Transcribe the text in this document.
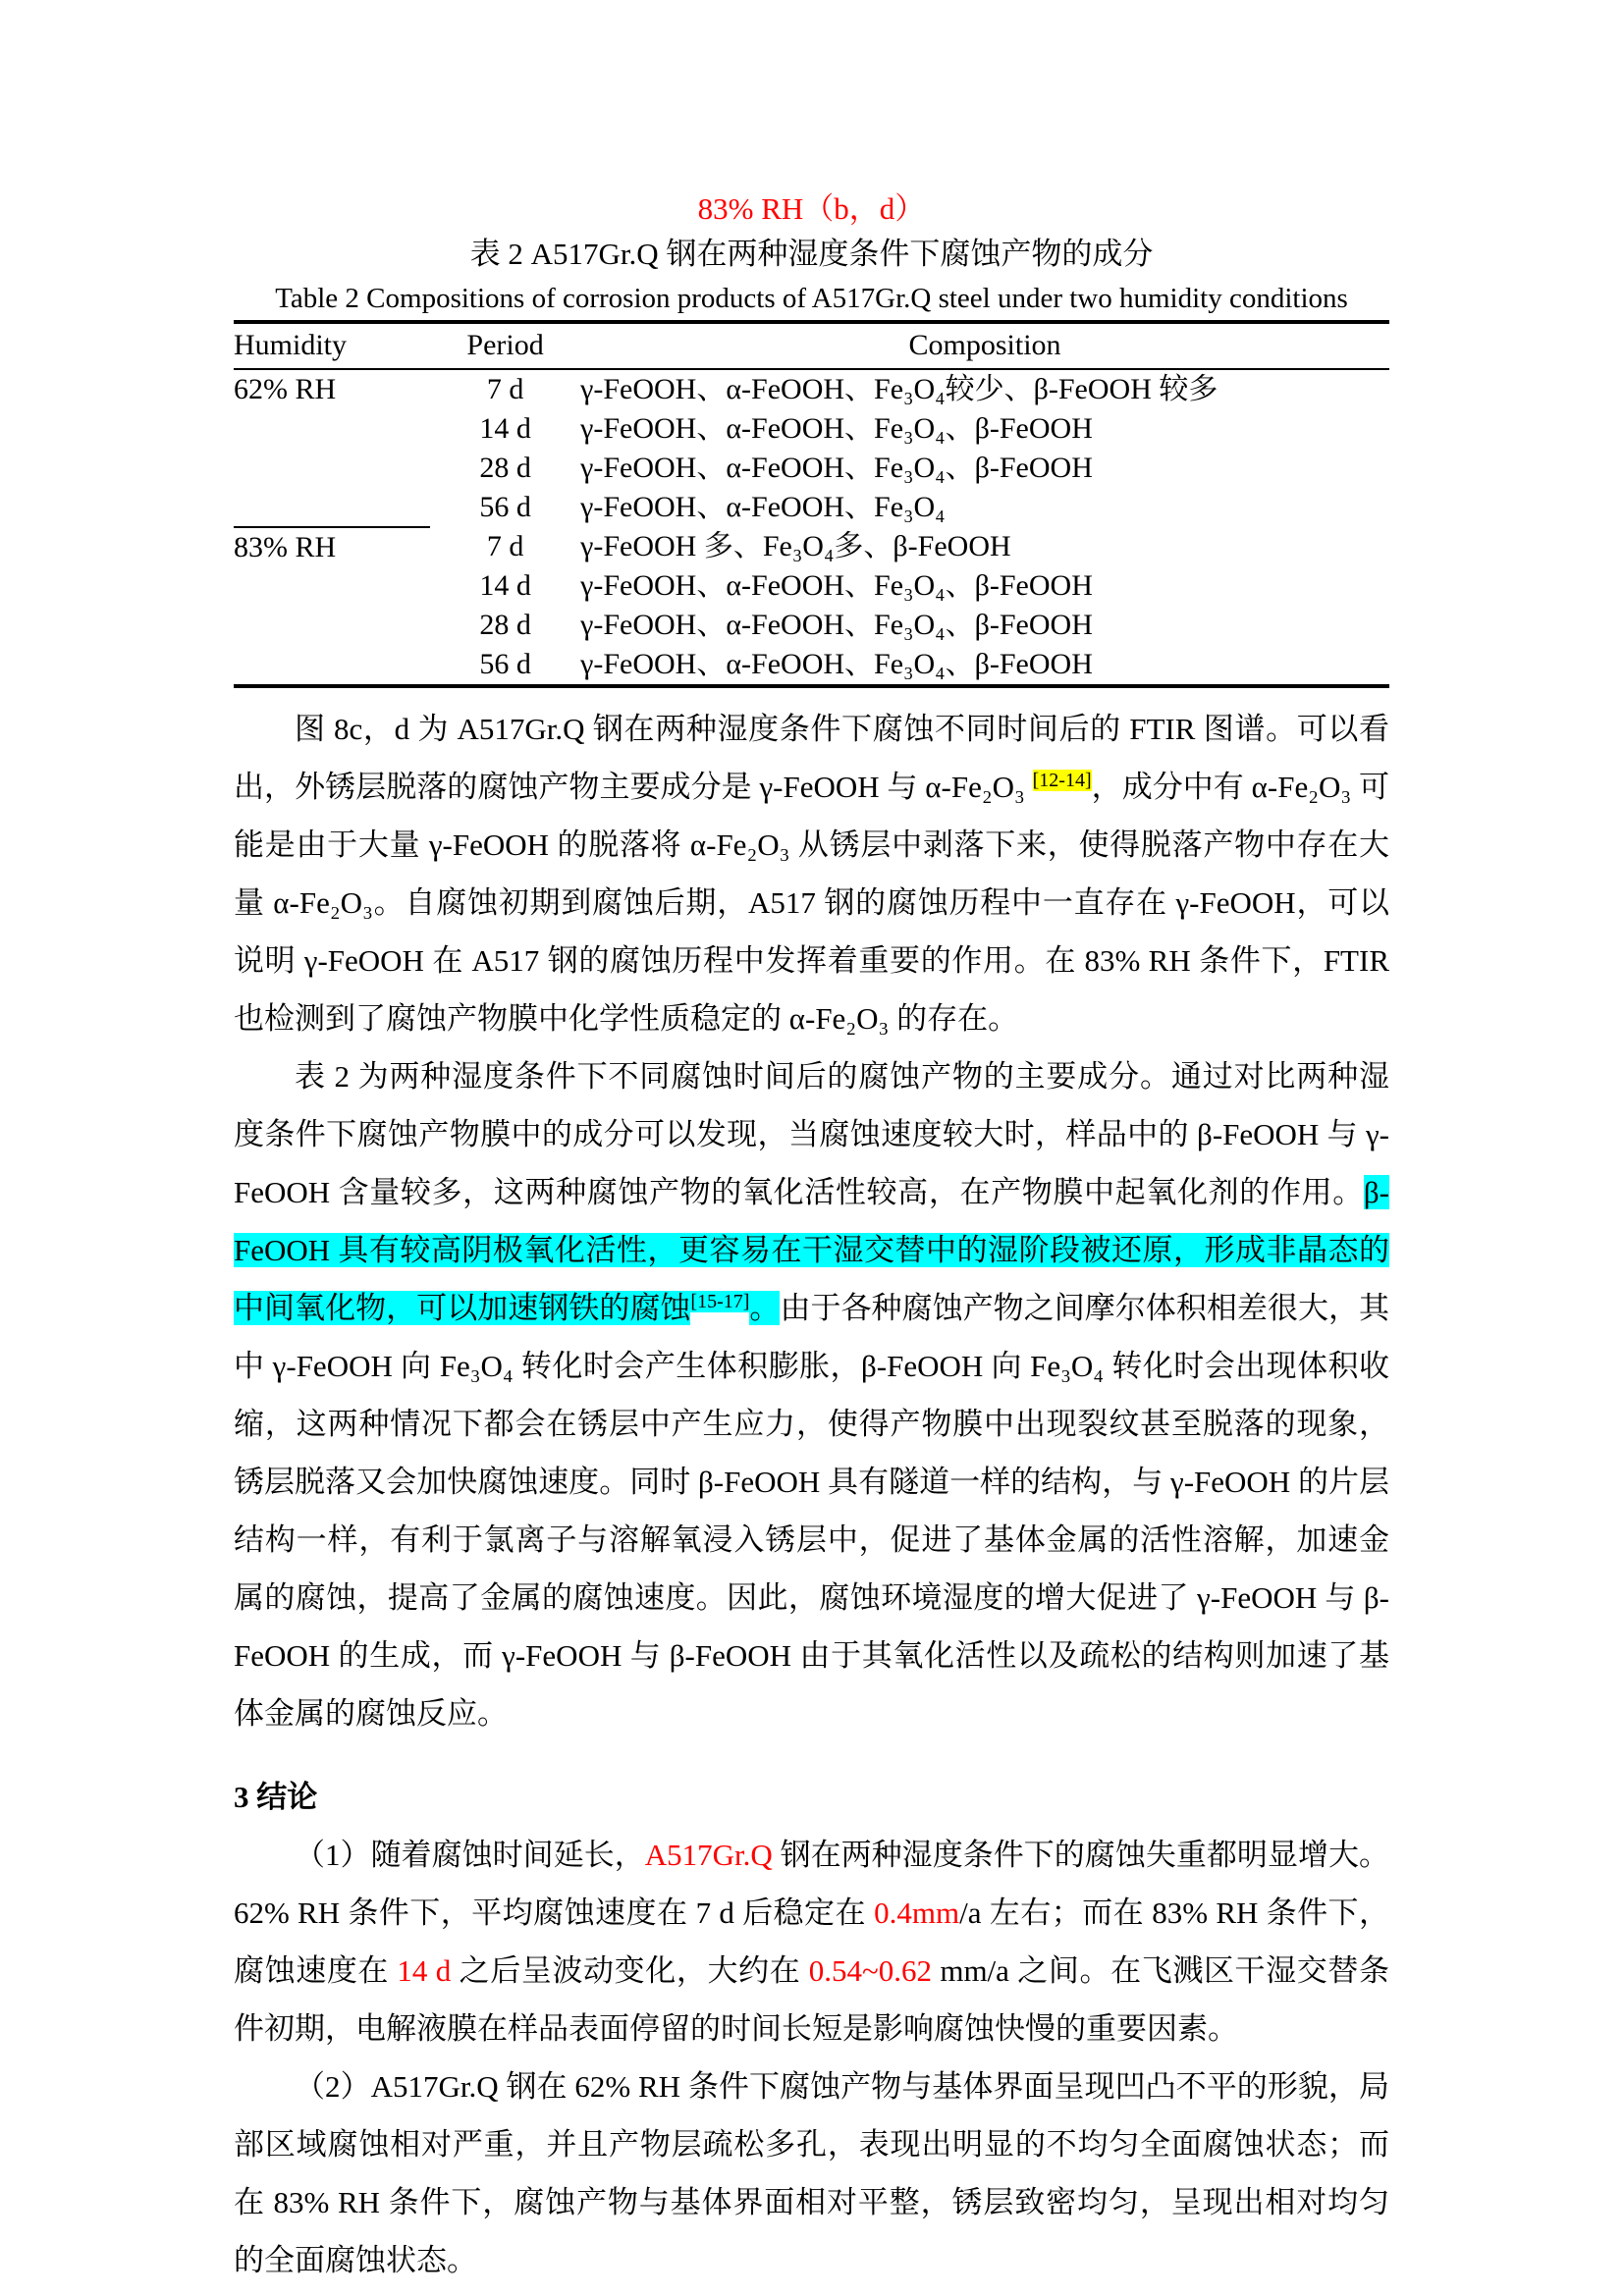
83% RH（b，d）
表 2 A517Gr.Q 钢在两种湿度条件下腐蚀产物的成分
Table 2 Compositions of corrosion products of A517Gr.Q steel under two humidity conditions
Humidity	Period	Composition
62% RH	7 d	γ-FeOOH、α-FeOOH、Fe₃O₄较少、β-FeOOH 较多
	14 d	γ-FeOOH、α-FeOOH、Fe₃O₄、β-FeOOH
	28 d	γ-FeOOH、α-FeOOH、Fe₃O₄、β-FeOOH
	56 d	γ-FeOOH、α-FeOOH、Fe₃O₄
83% RH	7 d	γ-FeOOH 多、Fe₃O₄多、β-FeOOH
	14 d	γ-FeOOH、α-FeOOH、Fe₃O₄、β-FeOOH
	28 d	γ-FeOOH、α-FeOOH、Fe₃O₄、β-FeOOH
	56 d	γ-FeOOH、α-FeOOH、Fe₃O₄、β-FeOOH

图 8c，d 为 A517Gr.Q 钢在两种湿度条件下腐蚀不同时间后的 FTIR 图谱。可以看出，外锈层脱落的腐蚀产物主要成分是 γ-FeOOH 与 α-Fe₂O₃ [12-14]，成分中有 α-Fe₂O₃ 可能是由于大量 γ-FeOOH 的脱落将 α-Fe₂O₃ 从锈层中剥落下来，使得脱落产物中存在大量 α-Fe₂O₃。自腐蚀初期到腐蚀后期，A517 钢的腐蚀历程中一直存在 γ-FeOOH，可以说明 γ-FeOOH 在 A517 钢的腐蚀历程中发挥着重要的作用。在 83% RH 条件下，FTIR 也检测到了腐蚀产物膜中化学性质稳定的 α-Fe₂O₃ 的存在。

表 2 为两种湿度条件下不同腐蚀时间后的腐蚀产物的主要成分。通过对比两种湿度条件下腐蚀产物膜中的成分可以发现，当腐蚀速度较大时，样品中的 β-FeOOH 与 γ-FeOOH 含量较多，这两种腐蚀产物的氧化活性较高，在产物膜中起氧化剂的作用。β-FeOOH 具有较高阴极氧化活性，更容易在干湿交替中的湿阶段被还原，形成非晶态的中间氧化物，可以加速钢铁的腐蚀[15-17]。由于各种腐蚀产物之间摩尔体积相差很大，其中 γ-FeOOH 向 Fe₃O₄ 转化时会产生体积膨胀，β-FeOOH 向 Fe₃O₄ 转化时会出现体积收缩，这两种情况下都会在锈层中产生应力，使得产物膜中出现裂纹甚至脱落的现象，锈层脱落又会加快腐蚀速度。同时 β-FeOOH 具有隧道一样的结构，与 γ-FeOOH 的片层结构一样，有利于氯离子与溶解氧浸入锈层中，促进了基体金属的活性溶解，加速金属的腐蚀，提高了金属的腐蚀速度。因此，腐蚀环境湿度的增大促进了 γ-FeOOH 与 β-FeOOH 的生成，而 γ-FeOOH 与 β-FeOOH 由于其氧化活性以及疏松的结构则加速了基体金属的腐蚀反应。

3 结论

（1）随着腐蚀时间延长，A517Gr.Q 钢在两种湿度条件下的腐蚀失重都明显增大。62% RH 条件下，平均腐蚀速度在 7 d 后稳定在 0.4mm/a 左右；而在 83% RH 条件下，腐蚀速度在 14 d 之后呈波动变化，大约在 0.54~0.62 mm/a 之间。在飞溅区干湿交替条件初期，电解液膜在样品表面停留的时间长短是影响腐蚀快慢的重要因素。

（2）A517Gr.Q 钢在 62% RH 条件下腐蚀产物与基体界面呈现凹凸不平的形貌，局部区域腐蚀相对严重，并且产物层疏松多孔，表现出明显的不均匀全面腐蚀状态；而在 83% RH 条件下，腐蚀产物与基体界面相对平整，锈层致密均匀，呈现出相对均匀的全面腐蚀状态。
